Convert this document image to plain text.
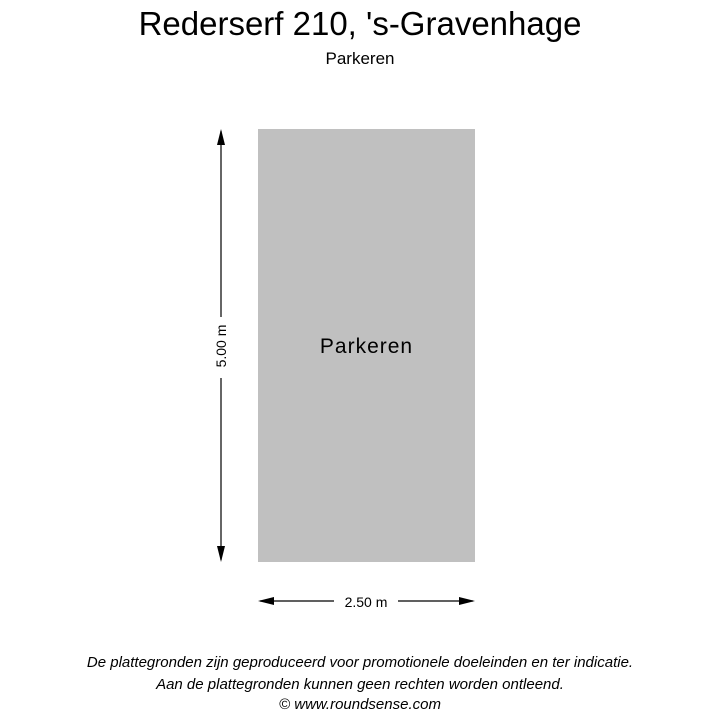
Rederserf 210, 's-Gravenhage
Parkeren
Parkeren
5.00 m
2.50 m
De plattegronden zijn geproduceerd voor promotionele doeleinden en ter indicatie.
Aan de plattegronden kunnen geen rechten worden ontleend.
© www.roundsense.com
